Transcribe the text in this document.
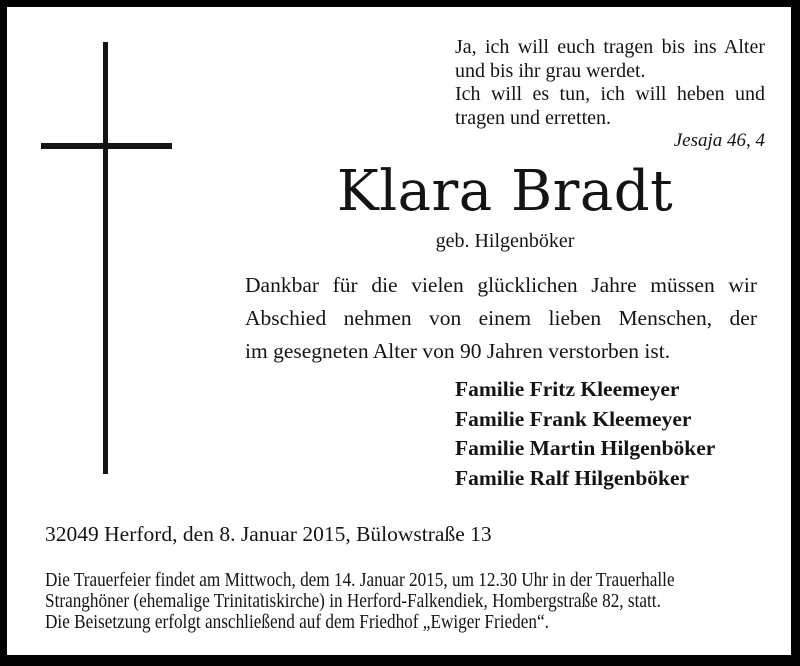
Ja, ich will euch tragen bis ins Alter
und bis ihr grau werdet.
Ich will es tun, ich will heben und
tragen und erretten.
Jesaja 46, 4
Klara Bradt
geb. Hilgenböker
Dankbar für die vielen glücklichen Jahre müssen wir
Abschied nehmen von einem lieben Menschen, der
im gesegneten Alter von 90 Jahren verstorben ist.
Familie Fritz Kleemeyer
Familie Frank Kleemeyer
Familie Martin Hilgenböker
Familie Ralf Hilgenböker
32049 Herford, den 8. Januar 2015, Bülowstraße 13
Die Trauerfeier findet am Mittwoch, dem 14. Januar 2015, um 12.30 Uhr in der Trauerhalle
Stranghöner (ehemalige Trinitatiskirche) in Herford-Falkendiek, Hombergstraße 82, statt.
Die Beisetzung erfolgt anschließend auf dem Friedhof „Ewiger Frieden“.
